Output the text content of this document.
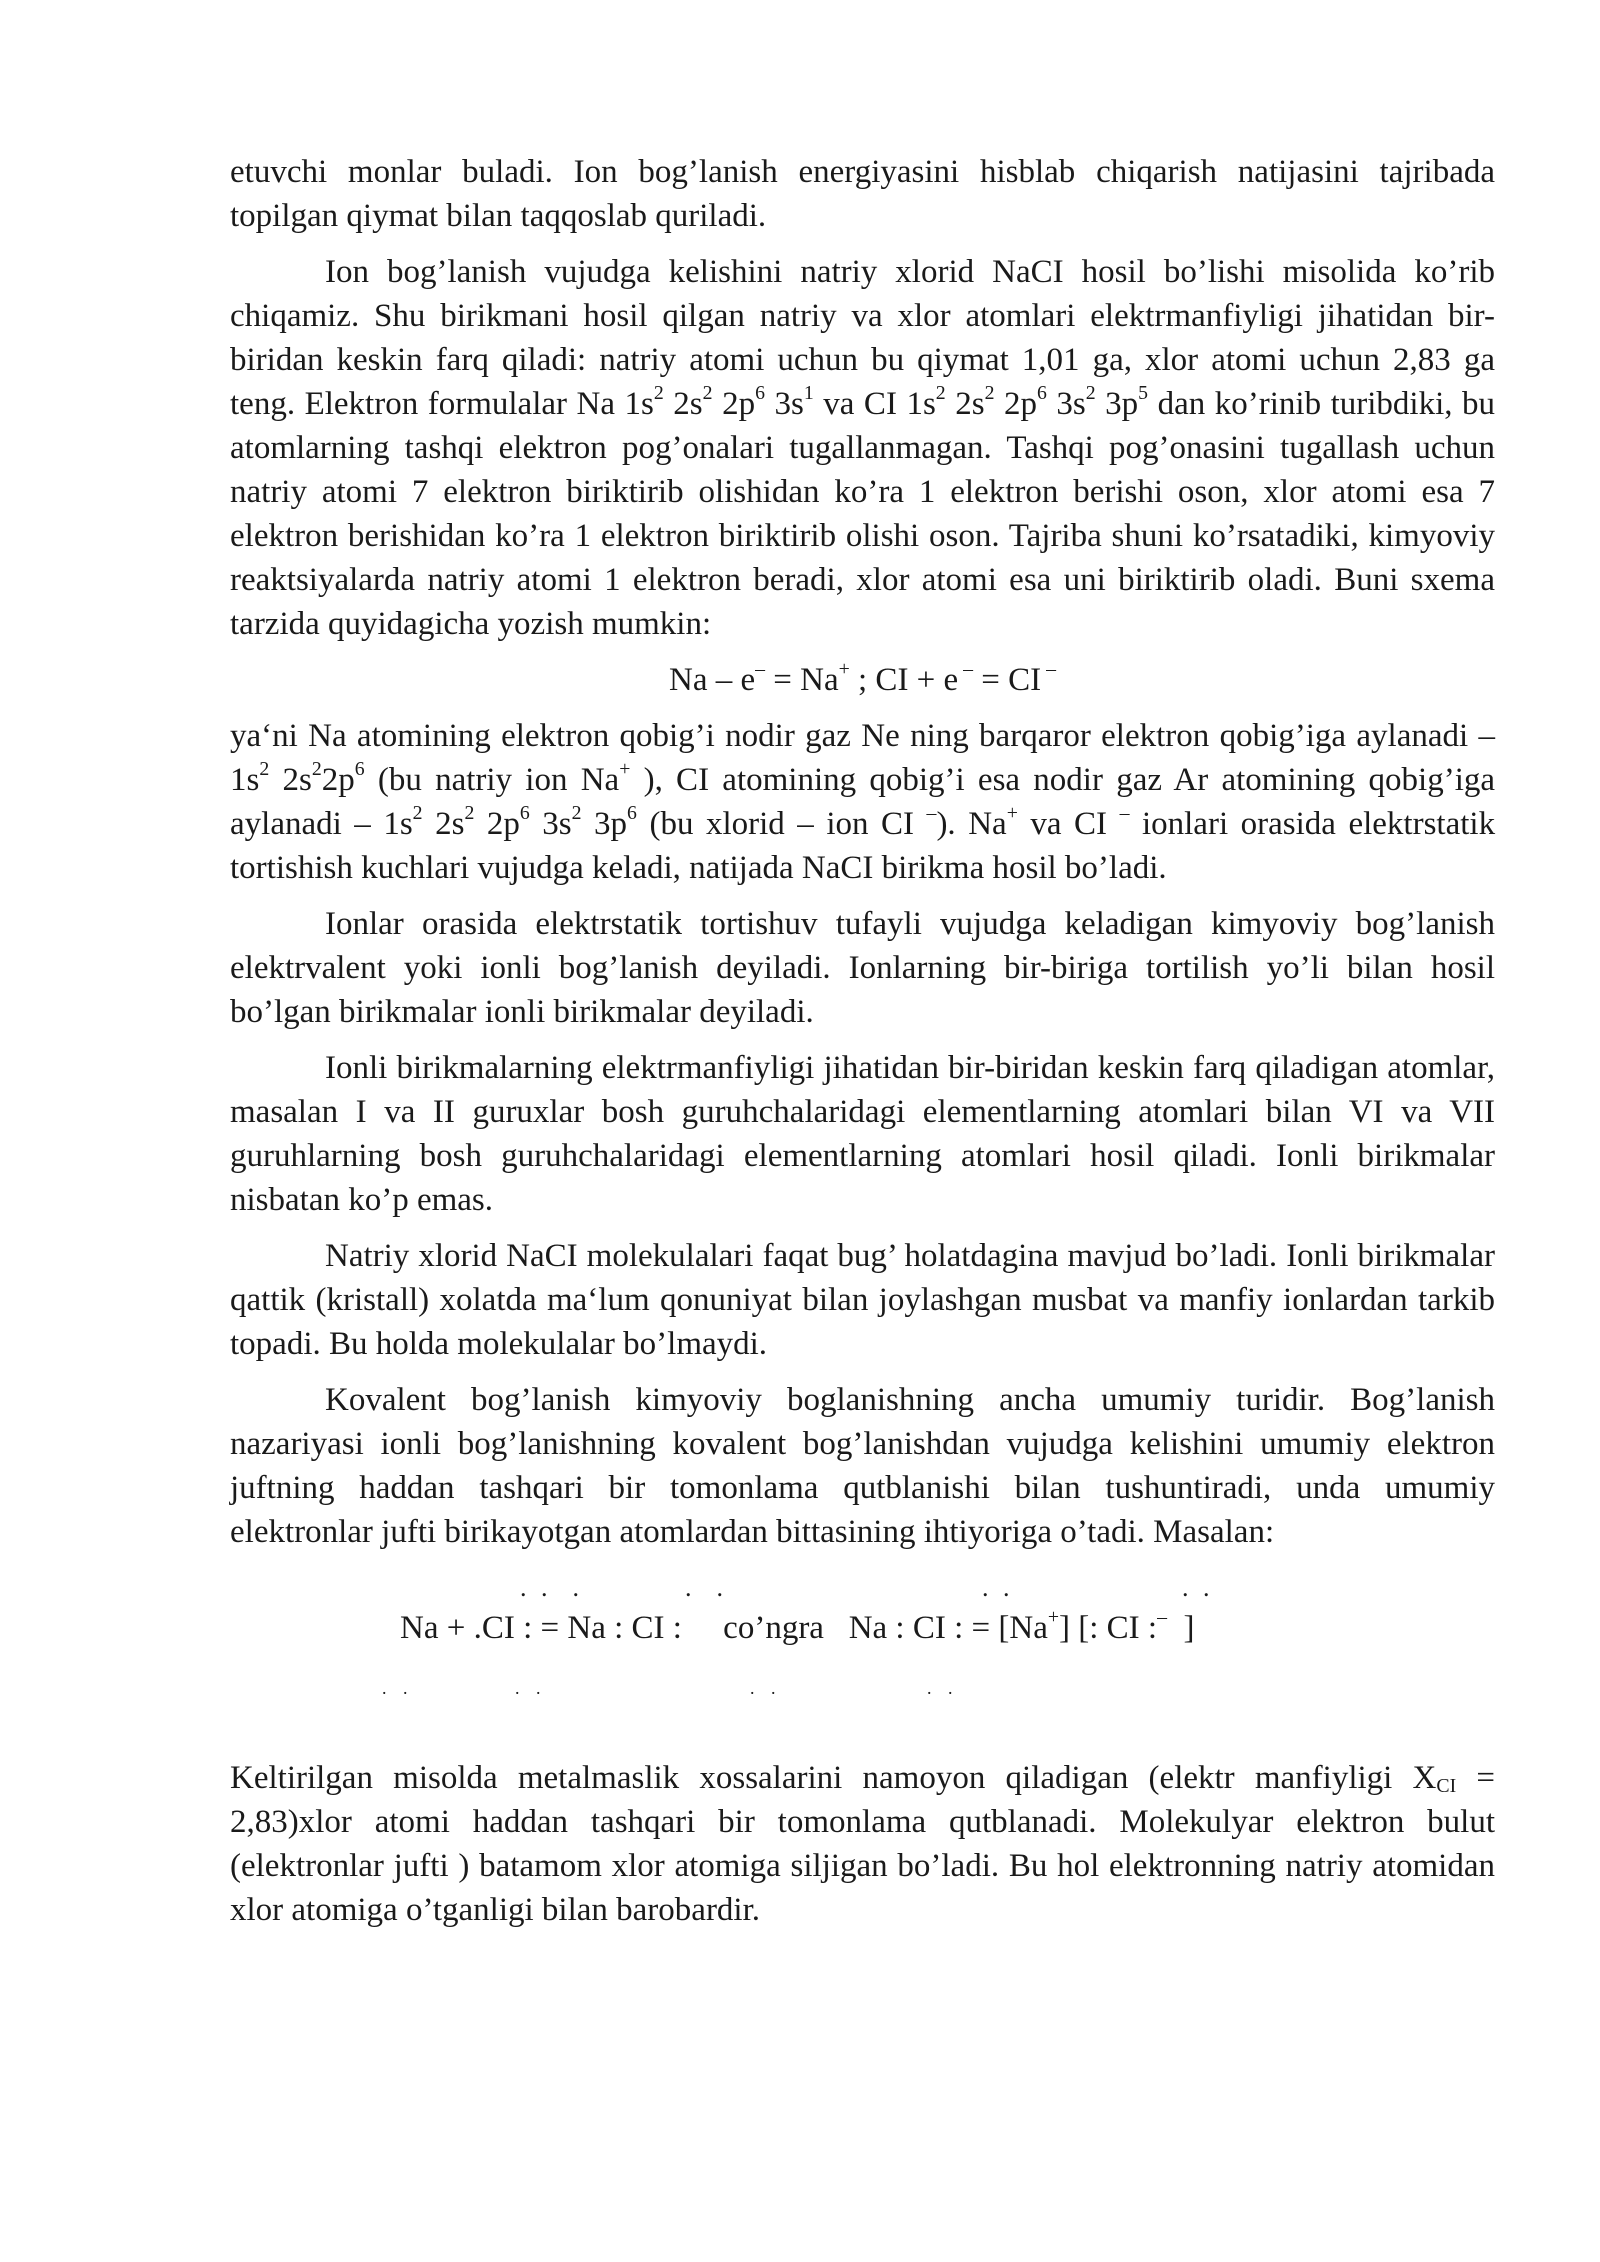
etuvchi monlar buladi. Ion bog’lanish energiyasini hisblab chiqarish natijasini tajribada topilgan qiymat bilan taqqoslab quriladi.

Ion bog’lanish vujudga kelishini natriy xlorid NaCI hosil bo’lishi misolida ko’rib chiqamiz. Shu birikmani hosil qilgan natriy va xlor atomlari elektrmanfiyligi jihatidan bir-biridan keskin farq qiladi: natriy atomi uchun bu qiymat 1,01 ga, xlor atomi uchun 2,83 ga teng. Elektron formulalar Na $1s^2$ $2s^2$ $2p^6$ $3s^1$ va CI $1s^2$ $2s^2$ $2p^6$ $3s^2$ $3p^5$ dan ko’rinib turibdiki, bu atomlarning tashqi elektron pog’onalari tugallanmagan. Tashqi pog’onasini tugallash uchun natriy atomi 7 elektron biriktirib olishidan ko’ra 1 elektron berishi oson, xlor atomi esa 7 elektron berishidan ko’ra 1 elektron biriktirib olishi oson. Tajriba shuni ko’rsatadiki, kimyoviy reaktsiyalarda natriy atomi 1 elektron beradi, xlor atomi esa uni biriktirib oladi. Buni sxema tarzida quyidagicha yozish mumkin:

Na – e– = Na+ ; CI + e – = CI –

ya‘ni Na atomining elektron qobig’i nodir gaz Ne ning barqaror elektron qobig’iga aylanadi – $1s^2$ $2s^22p^6$ (bu natriy ion Na+ ), CI atomining qobig’i esa nodir gaz Ar atomining qobig’iga aylanadi – $1s^2$ $2s^2$ $2p^6$ $3s^2$ $3p^6$ (bu xlorid – ion CI –). Na+ va CI – ionlari orasida elektrstatik tortishish kuchlari vujudga keladi, natijada NaCI birikma hosil bo’ladi.

Ionlar orasida elektrstatik tortishuv tufayli vujudga keladigan kimyoviy bog’lanish elektrvalent yoki ionli bog’lanish deyiladi. Ionlarning bir-biriga tortilish yo’li bilan hosil bo’lgan birikmalar ionli birikmalar deyiladi.

Ionli birikmalarning elektrmanfiyligi jihatidan bir-biridan keskin farq qiladigan atomlar, masalan I va II guruxlar bosh guruhchalaridagi elementlarning atomlari bilan VI va VII guruhlarning bosh guruhchalaridagi elementlarning atomlari hosil qiladi. Ionli birikmalar nisbatan ko’p emas.

Natriy xlorid NaCI molekulalari faqat bug’ holatdagina mavjud bo’ladi. Ionli birikmalar qattik (kristall) xolatda ma‘lum qonuniyat bilan joylashgan musbat va manfiy ionlardan tarkib topadi. Bu holda molekulalar bo’lmaydi.

Kovalent bog’lanish kimyoviy boglanishning ancha umumiy turidir. Bog’lanish nazariyasi ionli bog’lanishning kovalent bog’lanishdan vujudga kelishini umumiy elektron juftning haddan tashqari bir tomonlama qutblanishi bilan tushuntiradi, unda umumiy elektronlar jufti birikayotgan atomlardan bittasining ihtiyoriga o’tadi. Masalan:

. .  .	.  .	. .	. .
Na + .CI : = Na : CI :     co’ngra   Na : CI : = [Na+] [: CI :–  ]
. .	. .	. .	. .

Keltirilgan misolda metalmaslik xossalarini namoyon qiladigan (elektr manfiyligi $X_{CI}$ = 2,83)xlor atomi haddan tashqari bir tomonlama qutblanadi. Molekulyar elektron bulut (elektronlar jufti ) batamom xlor atomiga siljigan bo’ladi. Bu hol elektronning natriy atomidan xlor atomiga o’tganligi bilan barobardir.
